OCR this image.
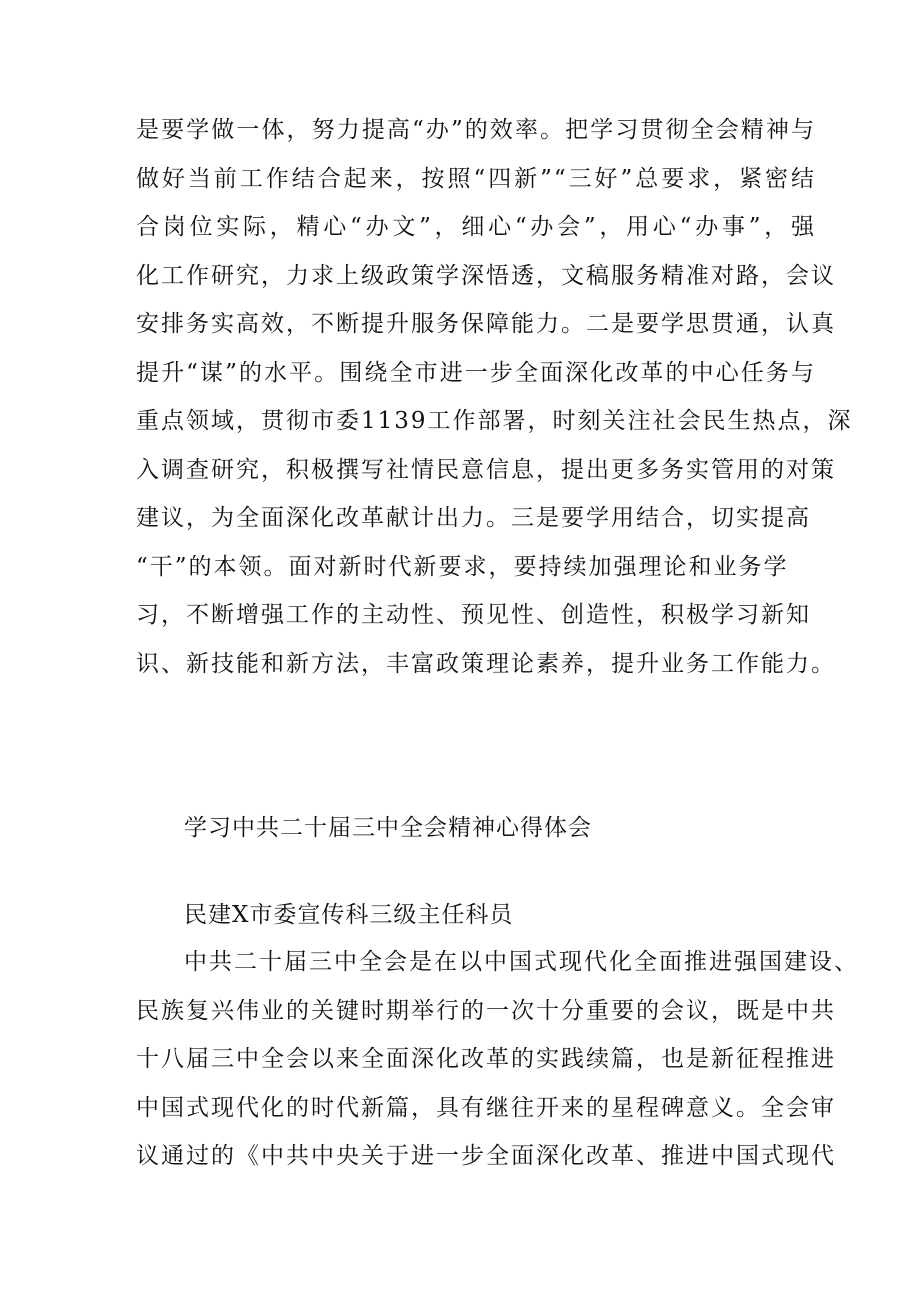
是要学做一体，努力提高“办”的效率。把学习贯彻全会精神与
做好当前工作结合起来，按照“四新”“三好”总要求，紧密结
合岗位实际，精心“办文”，细心“办会”，用心“办事”，强
化工作研究，力求上级政策学深悟透，文稿服务精准对路，会议
安排务实高效，不断提升服务保障能力。二是要学思贯通，认真
提升“谋”的水平。围绕全市进一步全面深化改革的中心任务与
重点领域，贯彻市委1139工作部署，时刻关注社会民生热点，深
入调查研究，积极撰写社情民意信息，提出更多务实管用的对策
建议，为全面深化改革献计出力。三是要学用结合，切实提高
“干”的本领。面对新时代新要求，要持续加强理论和业务学
习，不断增强工作的主动性、预见性、创造性，积极学习新知
识、新技能和新方法，丰富政策理论素养，提升业务工作能力。
学习中共二十届三中全会精神心得体会
民建X市委宣传科三级主任科员
中共二十届三中全会是在以中国式现代化全面推进强国建设、
民族复兴伟业的关键时期举行的一次十分重要的会议，既是中共
十八届三中全会以来全面深化改革的实践续篇，也是新征程推进
中国式现代化的时代新篇，具有继往开来的星程碑意义。全会审
议通过的《中共中央关于进一步全面深化改革、推进中国式现代
